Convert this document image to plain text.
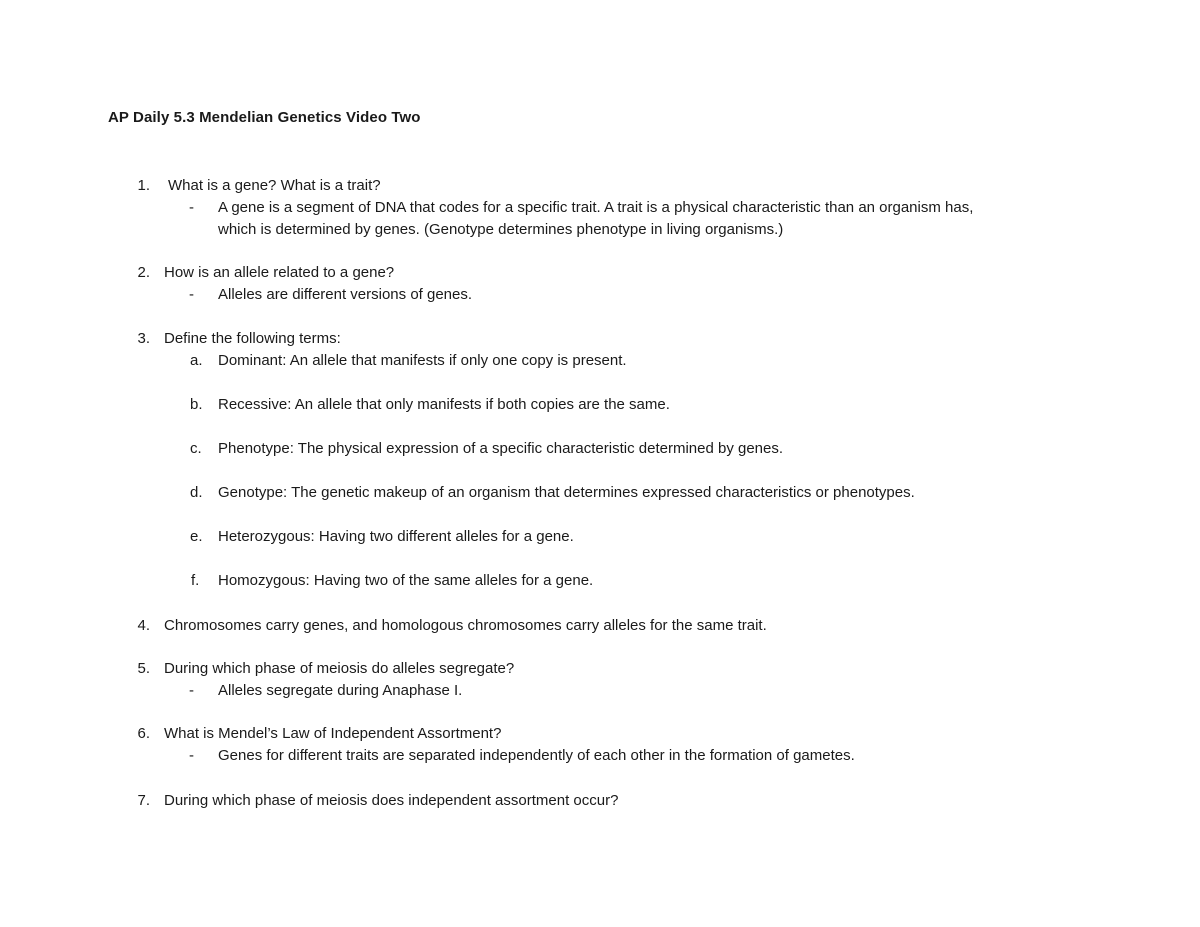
AP Daily 5.3 Mendelian Genetics Video Two
1. What is a gene? What is a trait?
-	A gene is a segment of DNA that codes for a specific trait. A trait is a physical characteristic than an organism has,
which is determined by genes. (Genotype determines phenotype in living organisms.)
2. How is an allele related to a gene?
-	Alleles are different versions of genes.
3. Define the following terms:
a. Dominant: An allele that manifests if only one copy is present.
b. Recessive: An allele that only manifests if both copies are the same.
c. Phenotype: The physical expression of a specific characteristic determined by genes.
d. Genotype: The genetic makeup of an organism that determines expressed characteristics or phenotypes.
e. Heterozygous: Having two different alleles for a gene.
f.	Homozygous: Having two of the same alleles for a gene.
4. Chromosomes carry genes, and homologous chromosomes carry alleles for the same trait.
5. During which phase of meiosis do alleles segregate?
-	Alleles segregate during Anaphase I.
6. What is Mendel’s Law of Independent Assortment?
-	Genes for different traits are separated independently of each other in the formation of gametes.
7. During which phase of meiosis does independent assortment occur?
